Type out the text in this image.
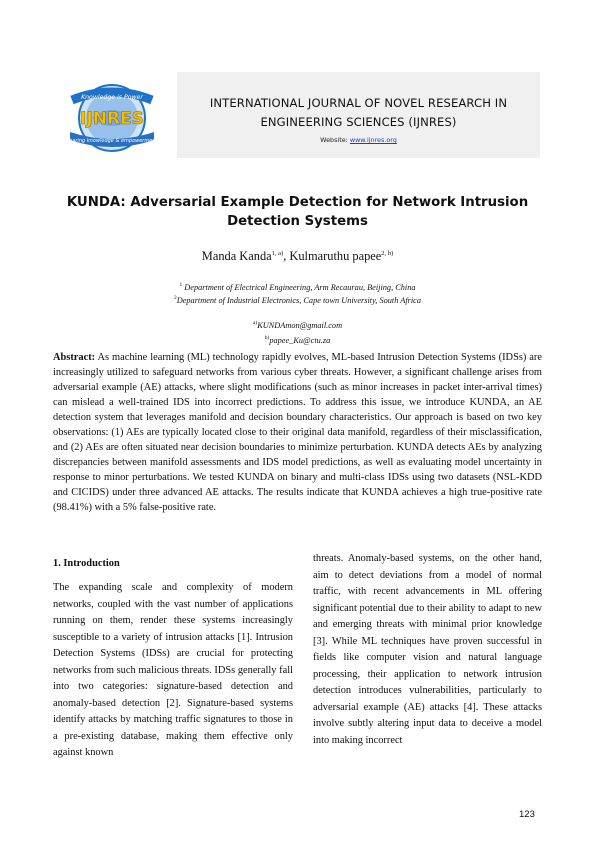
Knowledge is Power
IJNRES
sharing knowledge & empowerment
INTERNATIONAL JOURNAL OF NOVEL RESEARCH IN
ENGINEERING SCIENCES (IJNRES)
Website: www.ijnres.org
KUNDA: Adversarial Example Detection for Network Intrusion Detection Systems
Manda Kanda$^{1, a)}$, Kulmaruthu papee$^{2, b)}$
$^1$ Department of Electrical Engineering, Arm Recaurau, Beijing, China
$^2$Department of Industrial Electronics, Cape town University, South Africa
$^{a)}$KUNDAmon@gmail.com
$^{b)}$papee_Ku@ctu.za
Abstract: As machine learning (ML) technology rapidly evolves, ML-based Intrusion Detection Systems (IDSs) are increasingly utilized to safeguard networks from various cyber threats. However, a significant challenge arises from adversarial example (AE) attacks, where slight modifications (such as minor increases in packet inter-arrival times) can mislead a well-trained IDS into incorrect predictions. To address this issue, we introduce KUNDA, an AE detection system that leverages manifold and decision boundary characteristics. Our approach is based on two key observations: (1) AEs are typically located close to their original data manifold, regardless of their misclassification, and (2) AEs are often situated near decision boundaries to minimize perturbation. KUNDA detects AEs by analyzing discrepancies between manifold assessments and IDS model predictions, as well as evaluating model uncertainty in response to minor perturbations. We tested KUNDA on binary and multi-class IDSs using two datasets (NSL-KDD and CICIDS) under three advanced AE attacks. The results indicate that KUNDA achieves a high true-positive rate (98.41%) with a 5% false-positive rate.
1. Introduction
The expanding scale and complexity of modern networks, coupled with the vast number of applications running on them, render these systems increasingly susceptible to a variety of intrusion attacks [1]. Intrusion Detection Systems (IDSs) are crucial for protecting networks from such malicious threats. IDSs generally fall into two categories: signature-based detection and anomaly-based detection [2]. Signature-based systems identify attacks by matching traffic signatures to those in a pre-existing database, making them effective only against known
threats. Anomaly-based systems, on the other hand, aim to detect deviations from a model of normal traffic, with recent advancements in ML offering significant potential due to their ability to adapt to new and emerging threats with minimal prior knowledge [3]. While ML techniques have proven successful in fields like computer vision and natural language processing, their application to network intrusion detection introduces vulnerabilities, particularly to adversarial example (AE) attacks [4]. These attacks involve subtly altering input data to deceive a model into making incorrect
123
